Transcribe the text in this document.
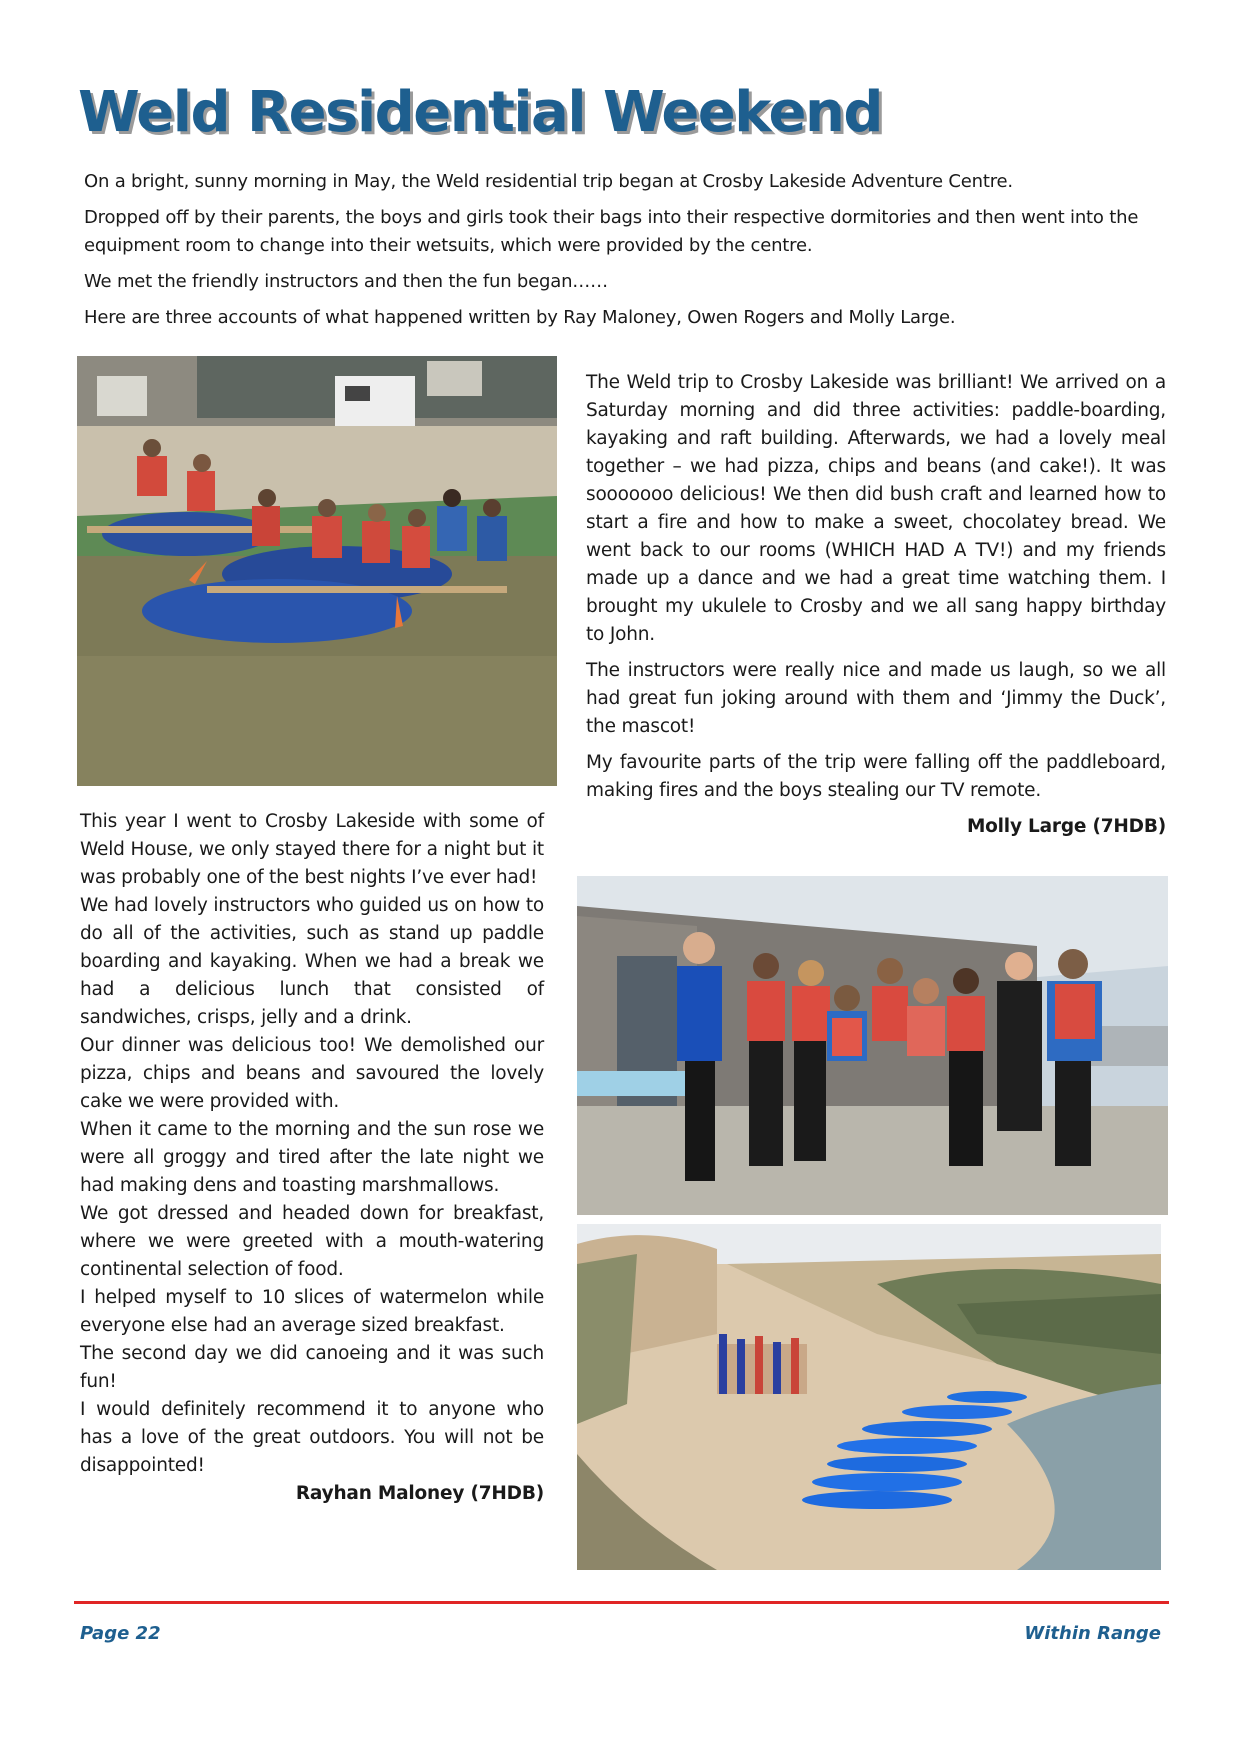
Weld Residential Weekend

On a bright, sunny morning in May, the Weld residential trip began at Crosby Lakeside Adventure Centre.

Dropped off by their parents, the boys and girls took their bags into their respective dormitories and then went into the equipment room to change into their wetsuits, which were provided by the centre.

We met the friendly instructors and then the fun began……

Here are three accounts of what happened written by Ray Maloney, Owen Rogers and Molly Large.

This year I went to Crosby Lakeside with some of Weld House, we only stayed there for a night but it was probably one of the best nights I’ve ever had!

We had lovely instructors who guided us on how to do all of the activities, such as stand up paddle boarding and kayaking. When we had a break we had a delicious lunch that consisted of sandwiches, crisps, jelly and a drink.

Our dinner was delicious too! We demolished our pizza, chips and beans and savoured the lovely cake we were provided with.

When it came to the morning and the sun rose we were all groggy and tired after the late night we had making dens and toasting marshmallows.

We got dressed and headed down for breakfast, where we were greeted with a mouth-watering continental selection of food.

I helped myself to 10 slices of watermelon while everyone else had an average sized breakfast.

The second day we did canoeing and it was such fun!

I would definitely recommend it to anyone who has a love of the great outdoors. You will not be disappointed!

Rayhan Maloney (7HDB)

The Weld trip to Crosby Lakeside was brilliant! We arrived on a Saturday morning and did three activities: paddle-boarding, kayaking and raft building. Afterwards, we had a lovely meal together – we had pizza, chips and beans (and cake!). It was sooooooo delicious! We then did bush craft and learned how to start a fire and how to make a sweet, chocolatey bread. We went back to our rooms (WHICH HAD A TV!) and my friends made up a dance and we had a great time watching them. I brought my ukulele to Crosby and we all sang happy birthday to John.

The instructors were really nice and made us laugh, so we all had great fun joking around with them and ‘Jimmy the Duck’, the mascot!

My favourite parts of the trip were falling off the paddleboard, making fires and the boys stealing our TV remote.

Molly Large (7HDB)

Page 22	Within Range
